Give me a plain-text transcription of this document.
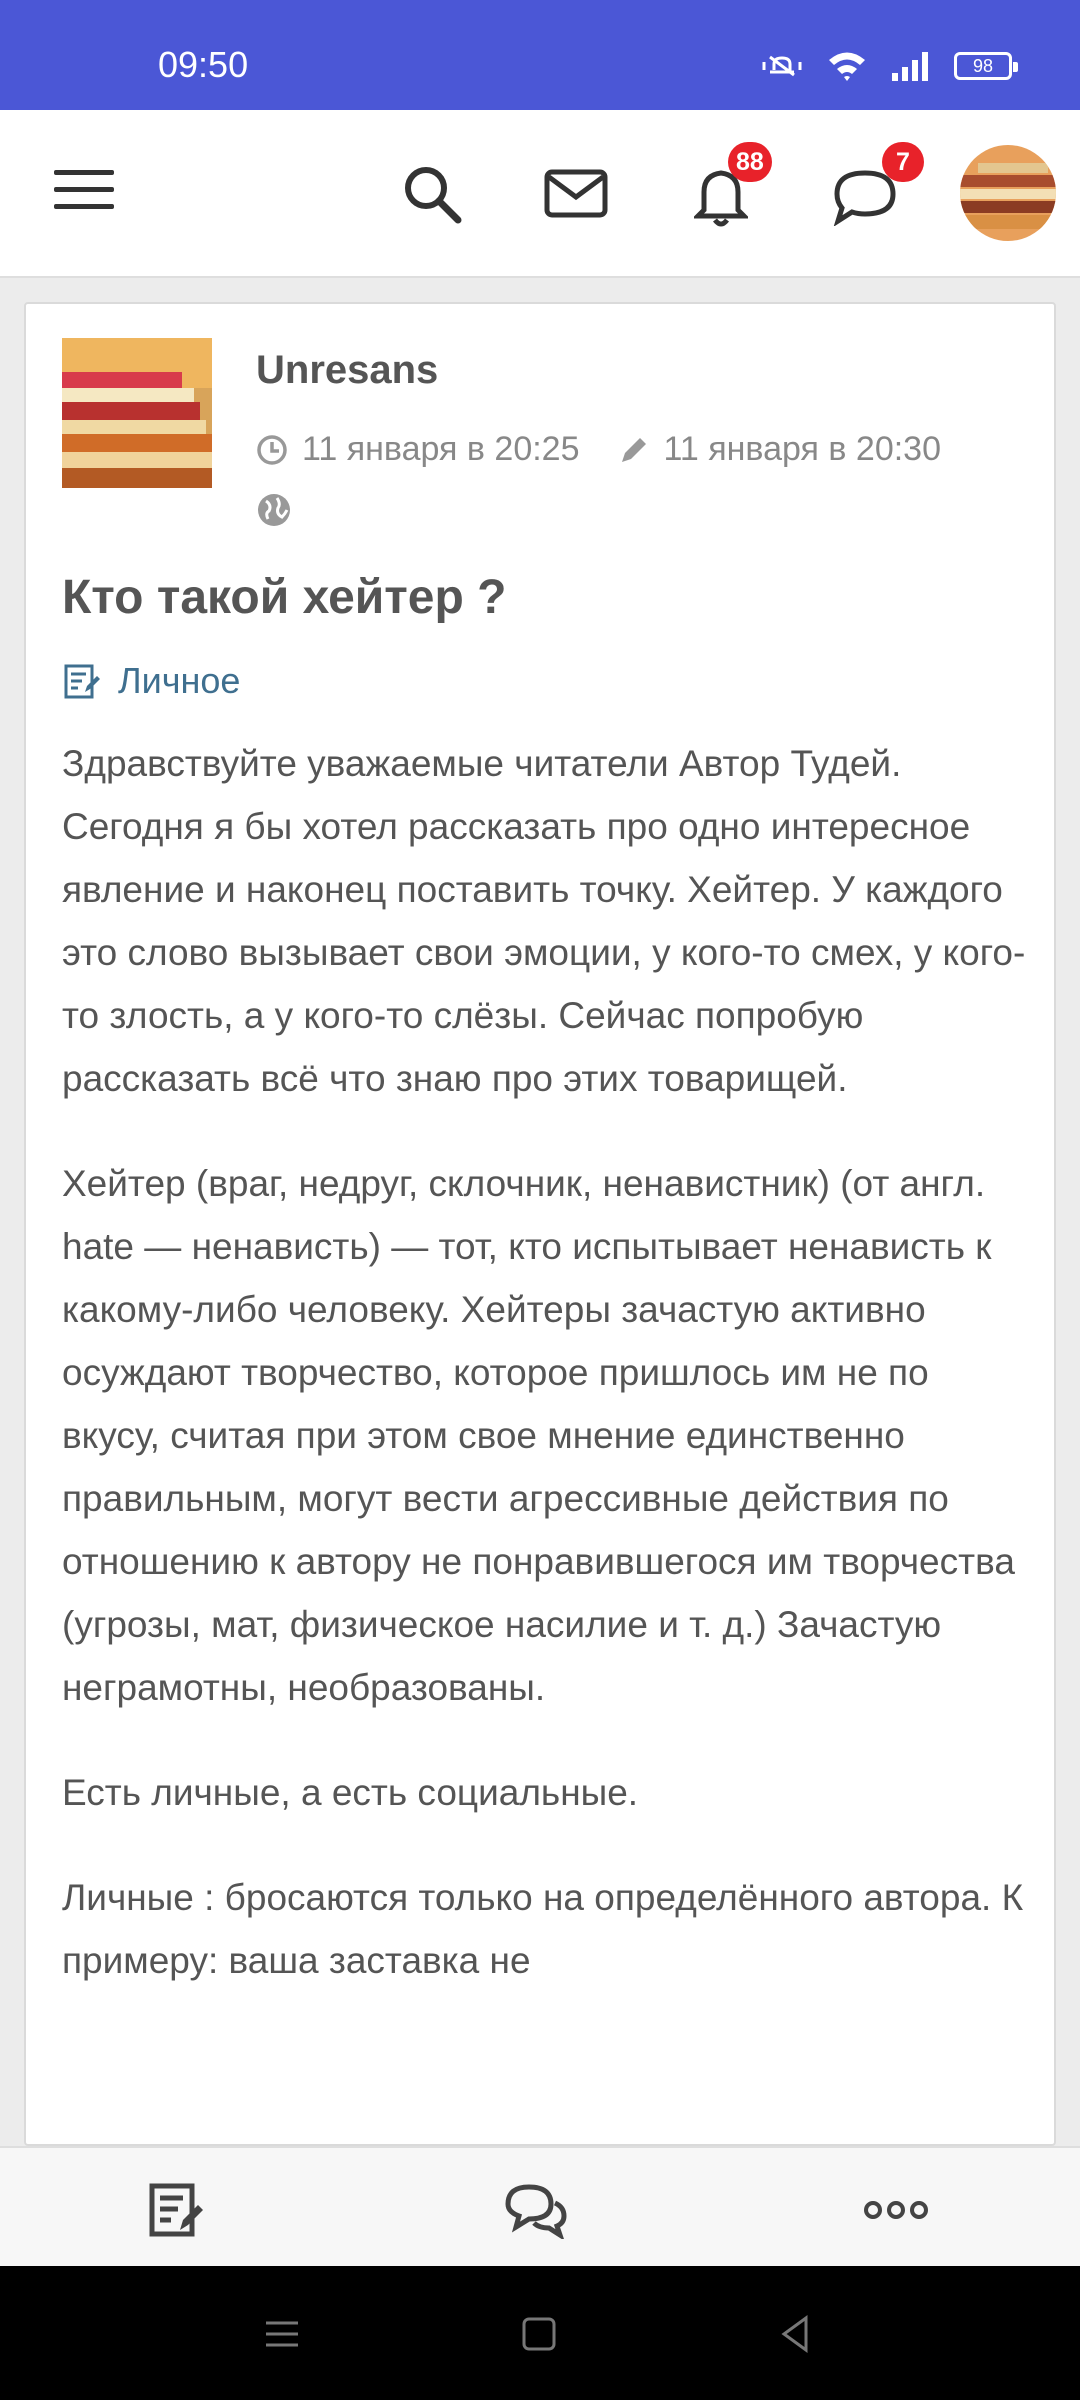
09:50	98
88	7
Unresans
11 января в 20:25 11 января в 20:30
Кто такой хейтер ?
Личное

Здравствуйте уважаемые читатели Автор Тудей. Сегодня я бы хотел рассказать про одно интересное явление и наконец поставить точку. Хейтер. У каждого это слово вызывает свои эмоции, у кого-то смех, у кого-то злость, а у кого-то слёзы. Сейчас попробую рассказать всё что знаю про этих товарищей.

Хейтер (враг, недруг, склочник, ненавистник) (от англ. hate — ненависть) — тот, кто испытывает ненависть к какому-либо человеку. Хейтеры зачастую активно осуждают творчество, которое пришлось им не по вкусу, считая при этом свое мнение единственно правильным, могут вести агрессивные действия по отношению к автору не понравившегося им творчества (угрозы, мат, физическое насилие и т. д.) Зачастую неграмотны, необразованы.

Есть личные, а есть социальные.

Личные : бросаются только на определённого автора. К примеру: ваша заставка не
